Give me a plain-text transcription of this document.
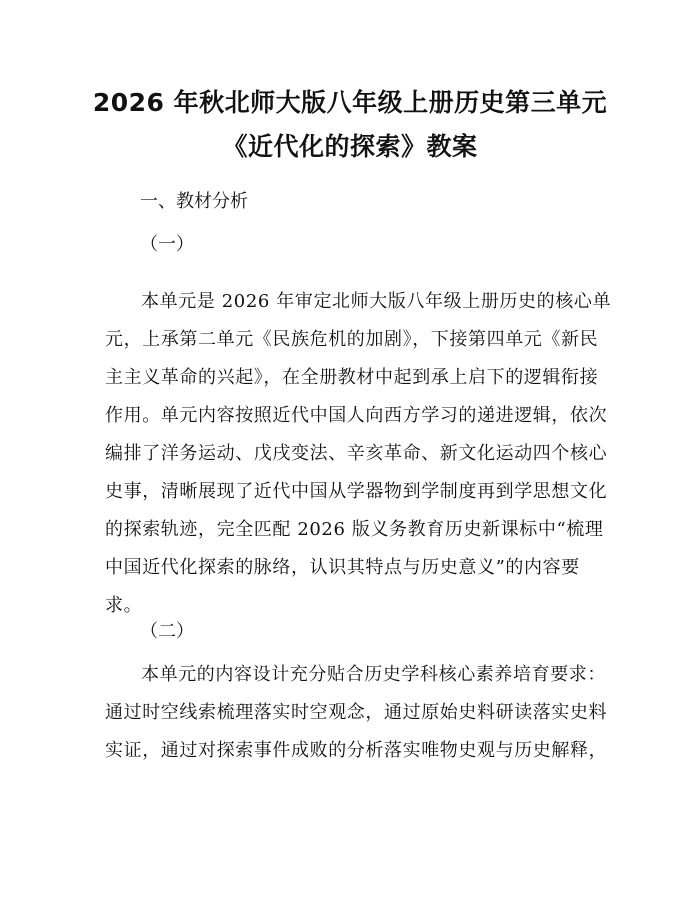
2026 年秋北师大版八年级上册历史第三单元
《近代化的探索》教案
一、教材分析
（一）
本单元是 2026 年审定北师大版八年级上册历史的核心单
元，上承第二单元《民族危机的加剧》，下接第四单元《新民
主主义革命的兴起》，在全册教材中起到承上启下的逻辑衔接
作用。单元内容按照近代中国人向西方学习的递进逻辑，依次
编排了洋务运动、戊戌变法、辛亥革命、新文化运动四个核心
史事，清晰展现了近代中国从学器物到学制度再到学思想文化
的探索轨迹，完全匹配 2026 版义务教育历史新课标中“梳理
中国近代化探索的脉络，认识其特点与历史意义”的内容要
求。
（二）
本单元的内容设计充分贴合历史学科核心素养培育要求：
通过时空线索梳理落实时空观念，通过原始史料研读落实史料
实证，通过对探索事件成败的分析落实唯物史观与历史解释，
